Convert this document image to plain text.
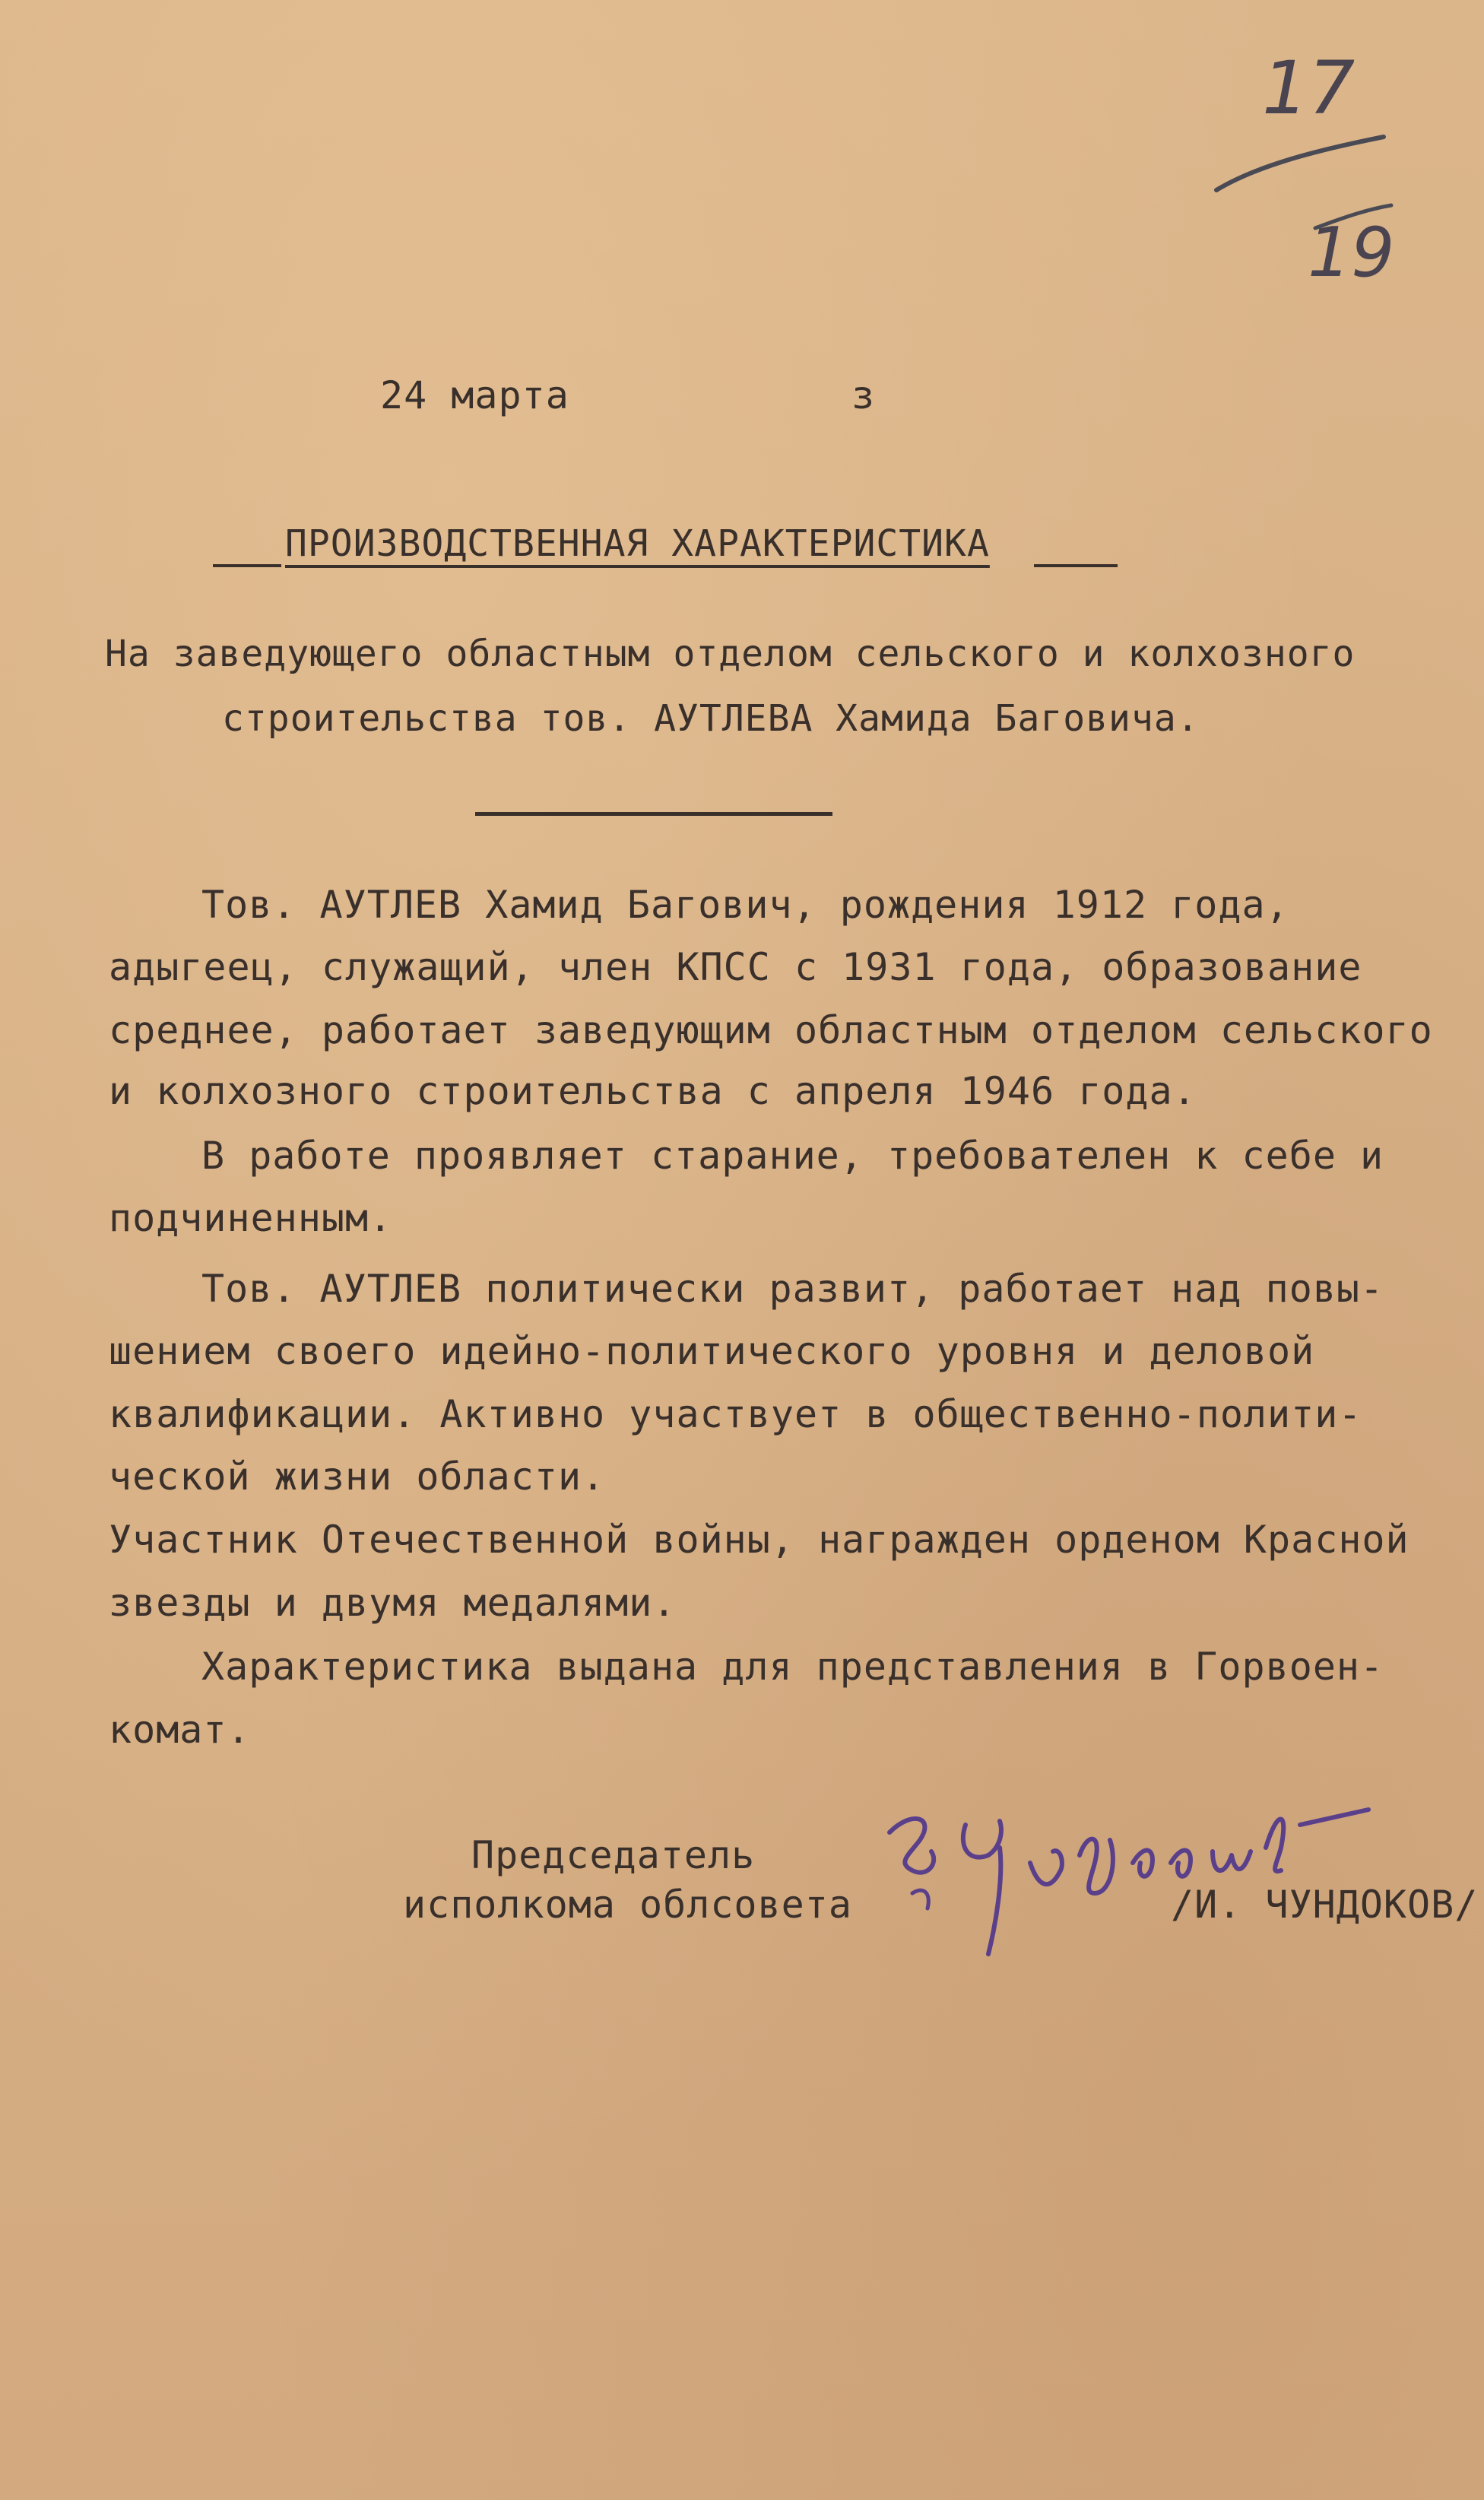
17
19
24 марта	з
ПРОИЗВОДСТВЕННАЯ ХАРАКТЕРИСТИКА
На заведующего областным отделом сельского и колхозного
строительства тов. АУТЛЕВА Хамида Баговича.
Тов. АУТЛЕВ Хамид Багович, рождения 1912 года,
адыгеец, служащий, член КПСС с 1931 года, образование
среднее, работает заведующим областным отделом сельского
и колхозного строительства с апреля 1946 года.
В работе проявляет старание, требователен к себе и
подчиненным.
Тов. АУТЛЕВ политически развит, работает над повы-
шением своего идейно-политического уровня и деловой
квалификации. Активно участвует в общественно-полити-
ческой жизни области.
Участник Отечественной войны, награжден орденом Красной
звезды и двумя медалями.
Характеристика выдана для представления в Горвоен-
комат.
Председатель
исполкома облсовета	/И. ЧУНДОКОВ/
